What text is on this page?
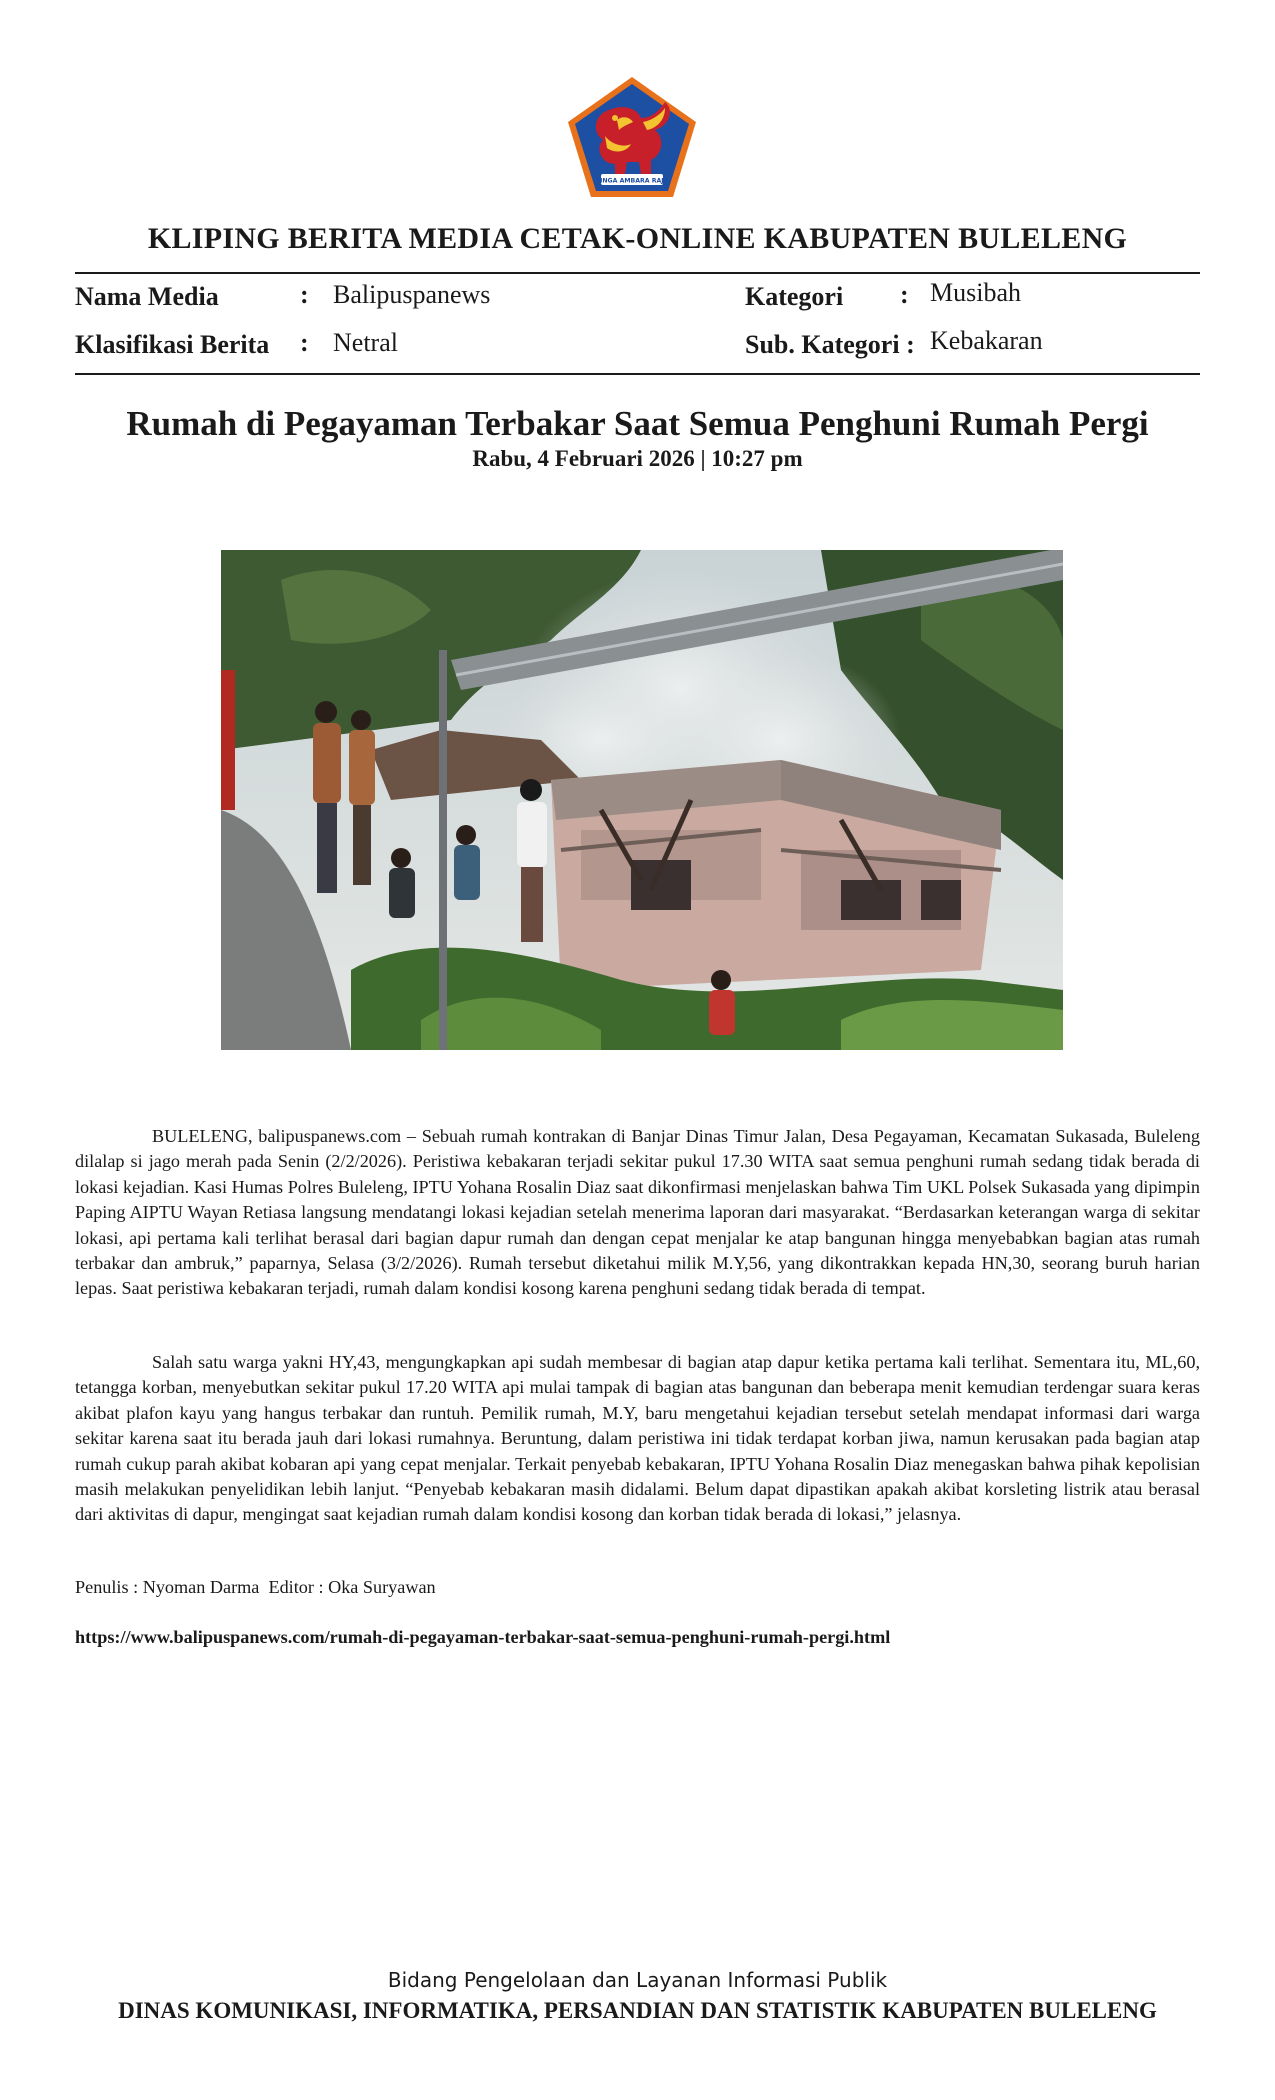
SINGA AMBARA RAJA
KLIPING BERITA MEDIA CETAK-ONLINE KABUPATEN BULELENG
Nama Media	: Balipuspanews
Klasifikasi Berita : Netral
Kategori : Musibah
Sub. Kategori : Kebakaran
Rumah di Pegayaman Terbakar Saat Semua Penghuni Rumah Pergi
Rabu, 4 Februari 2026 | 10:27 pm

BULELENG, balipuspanews.com – Sebuah rumah kontrakan di Banjar Dinas Timur Jalan, Desa Pegayaman, Kecamatan Sukasada, Buleleng dilalap si jago merah pada Senin (2/2/2026). Peristiwa kebakaran terjadi sekitar pukul 17.30 WITA saat semua penghuni rumah sedang tidak berada di lokasi kejadian. Kasi Humas Polres Buleleng, IPTU Yohana Rosalin Diaz saat dikonfirmasi menjelaskan bahwa Tim UKL Polsek Sukasada yang dipimpin Paping AIPTU Wayan Retiasa langsung mendatangi lokasi kejadian setelah menerima laporan dari masyarakat. “Berdasarkan keterangan warga di sekitar lokasi, api pertama kali terlihat berasal dari bagian dapur rumah dan dengan cepat menjalar ke atap bangunan hingga menyebabkan bagian atas rumah terbakar dan ambruk,” paparnya, Selasa (3/2/2026). Rumah tersebut diketahui milik M.Y,56, yang dikontrakkan kepada HN,30, seorang buruh harian lepas. Saat peristiwa kebakaran terjadi, rumah dalam kondisi kosong karena penghuni sedang tidak berada di tempat.

Salah satu warga yakni HY,43, mengungkapkan api sudah membesar di bagian atap dapur ketika pertama kali terlihat. Sementara itu, ML,60, tetangga korban, menyebutkan sekitar pukul 17.20 WITA api mulai tampak di bagian atas bangunan dan beberapa menit kemudian terdengar suara keras akibat plafon kayu yang hangus terbakar dan runtuh. Pemilik rumah, M.Y, baru mengetahui kejadian tersebut setelah mendapat informasi dari warga sekitar karena saat itu berada jauh dari lokasi rumahnya. Beruntung, dalam peristiwa ini tidak terdapat korban jiwa, namun kerusakan pada bagian atap rumah cukup parah akibat kobaran api yang cepat menjalar. Terkait penyebab kebakaran, IPTU Yohana Rosalin Diaz menegaskan bahwa pihak kepolisian masih melakukan penyelidikan lebih lanjut. “Penyebab kebakaran masih didalami. Belum dapat dipastikan apakah akibat korsleting listrik atau berasal dari aktivitas di dapur, mengingat saat kejadian rumah dalam kondisi kosong dan korban tidak berada di lokasi,” jelasnya.

Penulis : Nyoman Darma  Editor : Oka Suryawan
https://www.balipuspanews.com/rumah-di-pegayaman-terbakar-saat-semua-penghuni-rumah-pergi.html
Bidang Pengelolaan dan Layanan Informasi Publik
DINAS KOMUNIKASI, INFORMATIKA, PERSANDIAN DAN STATISTIK KABUPATEN BULELENG
